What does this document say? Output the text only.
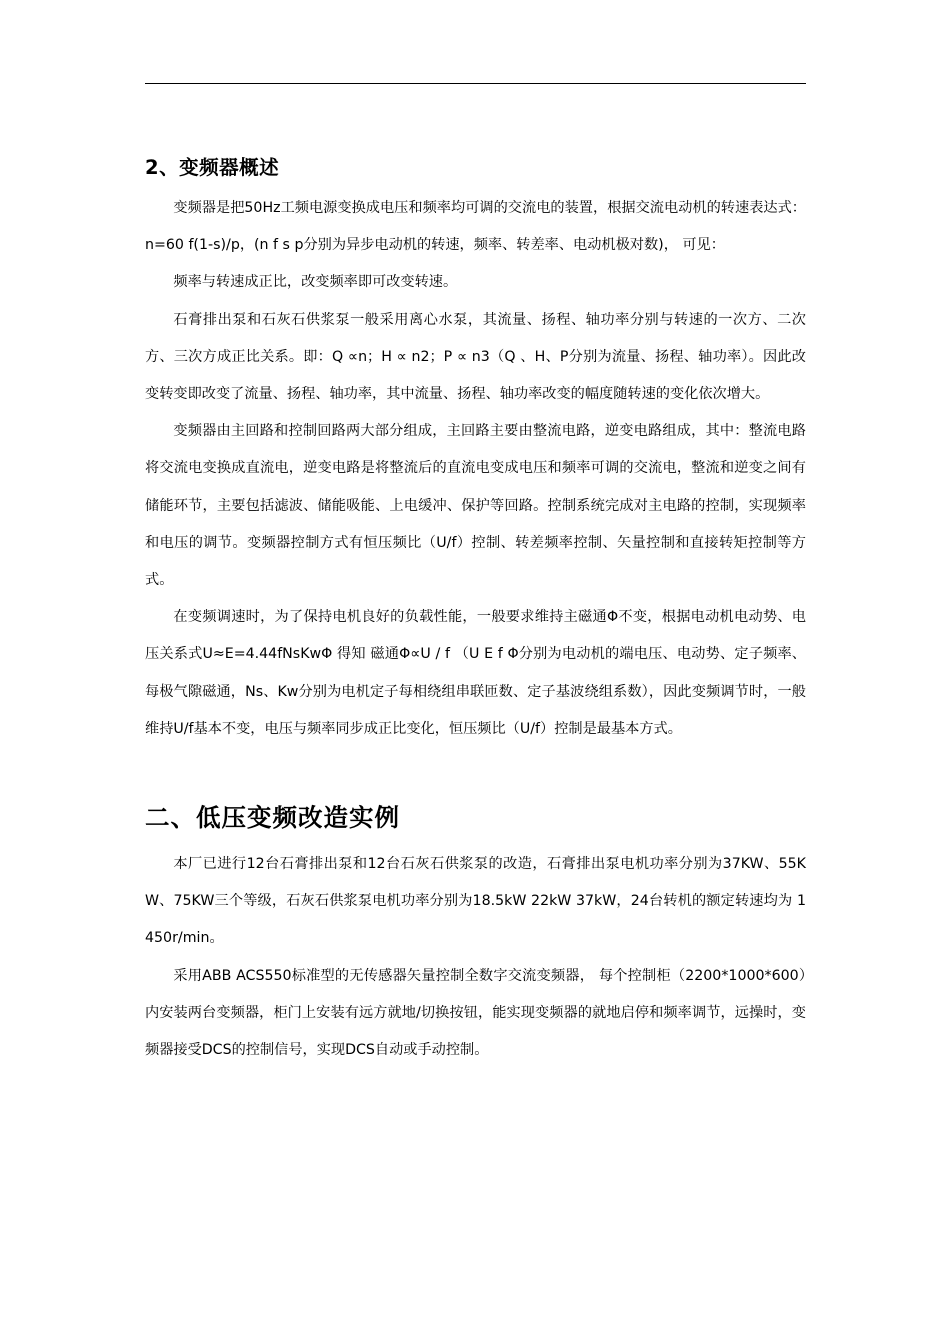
2、变频器概述

变频器是把50Hz工频电源变换成电压和频率均可调的交流电的装置，根据交流电动机的转速表达式： n=60 f(1-s)/p，(n f s p分别为异步电动机的转速，频率、转差率、电动机极对数)， 可见：

频率与转速成正比，改变频率即可改变转速。

石膏排出泵和石灰石供浆泵一般采用离心水泵，其流量、扬程、轴功率分别与转速的一次方、二次方、三次方成正比关系。即：Q ∝n；H ∝ n2；P ∝ n3（Q 、H、P分别为流量、扬程、轴功率）。因此改变转变即改变了流量、扬程、轴功率，其中流量、扬程、轴功率改变的幅度随转速的变化依次增大。

变频器由主回路和控制回路两大部分组成，主回路主要由整流电路，逆变电路组成，其中：整流电路将交流电变换成直流电，逆变电路是将整流后的直流电变成电压和频率可调的交流电，整流和逆变之间有储能环节，主要包括滤波、储能吸能、上电缓冲、保护等回路。控制系统完成对主电路的控制，实现频率和电压的调节。变频器控制方式有恒压频比（U/f）控制、转差频率控制、矢量控制和直接转矩控制等方式。

在变频调速时，为了保持电机良好的负载性能，一般要求维持主磁通Φ不变，根据电动机电动势、电压关系式U≈E=4.44fNsKwΦ 得知 磁通Φ∝U / f （U E f Φ分别为电动机的端电压、电动势、定子频率、每极气隙磁通，Ns、Kw分别为电机定子每相绕组串联匝数、定子基波绕组系数），因此变频调节时，一般维持U/f基本不变，电压与频率同步成正比变化，恒压频比（U/f）控制是最基本方式。

二、低压变频改造实例

本厂已进行12台石膏排出泵和12台石灰石供浆泵的改造，石膏排出泵电机功率分别为37KW、55KW、75KW三个等级，石灰石供浆泵电机功率分别为18.5kW 22kW 37kW，24台转机的额定转速均为 1450r/min。

采用ABB ACS550标准型的无传感器矢量控制全数字交流变频器， 每个控制柜（2200*1000*600）内安装两台变频器，柜门上安装有远方就地/切换按钮，能实现变频器的就地启停和频率调节，远操时，变频器接受DCS的控制信号，实现DCS自动或手动控制。
